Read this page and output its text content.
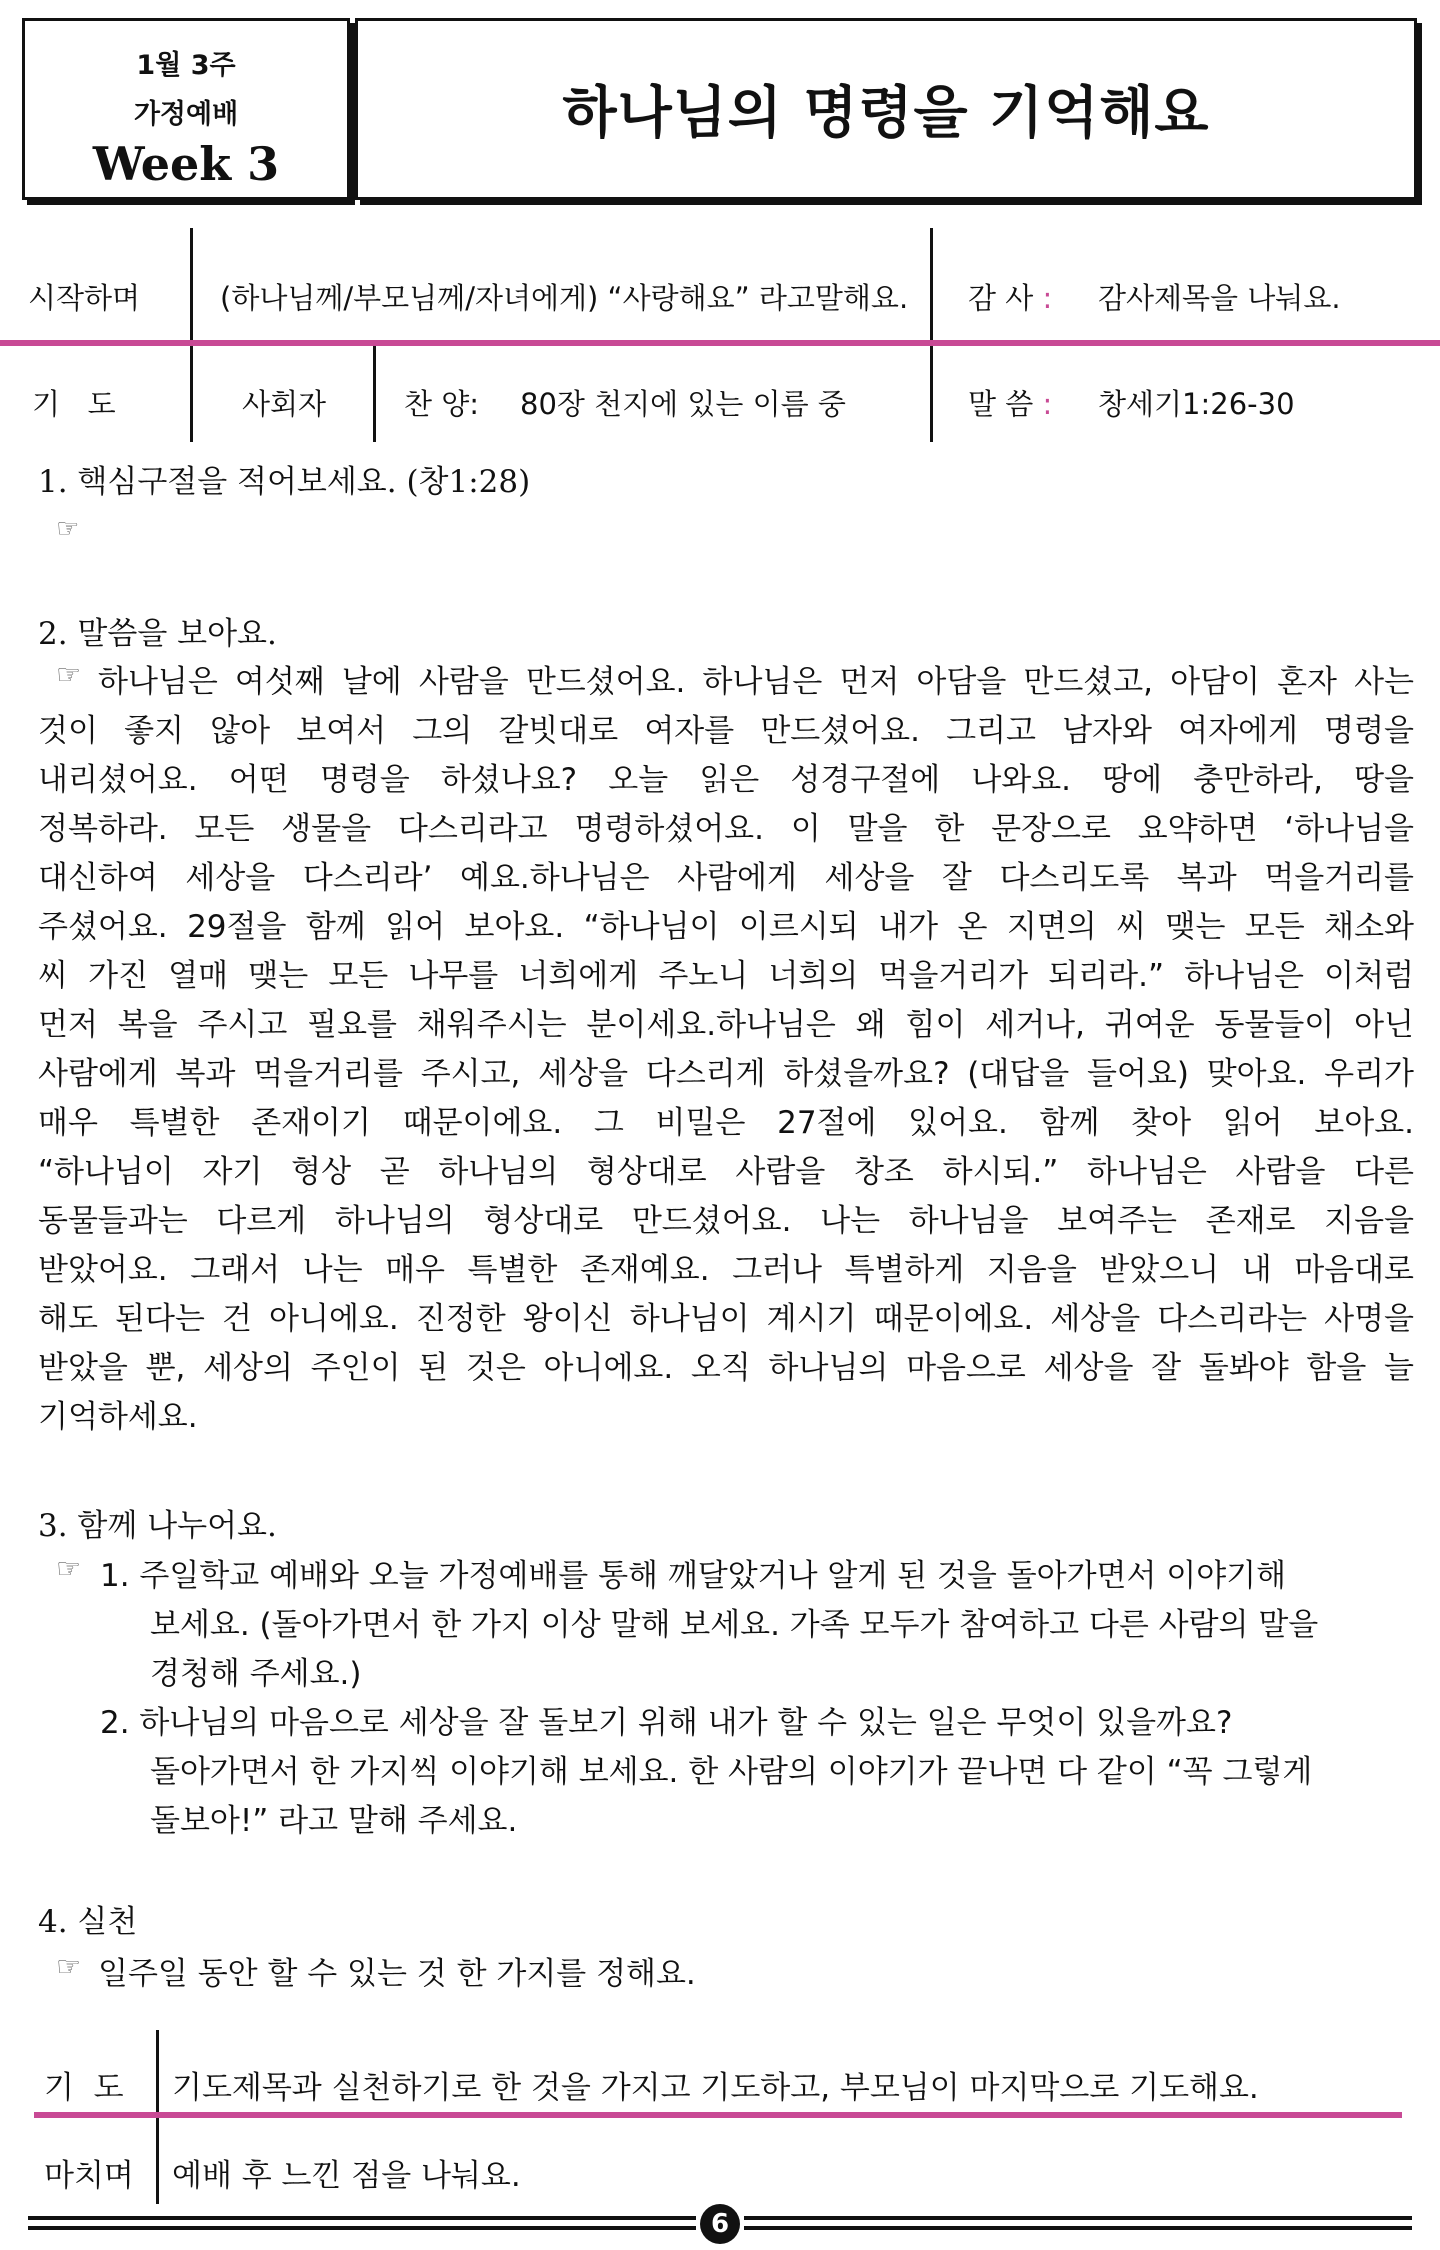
1월 3주
가정예배
Week 3
하나님의 명령을 기억해요
시작하며	(하나님께/부모님께/자녀에게) “사랑해요” 라고말해요. 감 사 : 감사제목을 나눠요.
기   도	사회자	찬 양: 80장 천지에 있는 이름 중	말 씀 : 창세기1:26-30
1. 핵심구절을 적어보세요. (창1:28)
☞
2. 말씀을 보아요.
☞ 하나님은 여섯째 날에 사람을 만드셨어요. 하나님은 먼저 아담을 만드셨고, 아담이 혼자 사는
것이 좋지 않아 보여서 그의 갈빗대로 여자를 만드셨어요. 그리고 남자와 여자에게 명령을
내리셨어요. 어떤 명령을 하셨나요? 오늘 읽은 성경구절에 나와요. 땅에 충만하라, 땅을
정복하라. 모든 생물을 다스리라고 명령하셨어요. 이 말을 한 문장으로 요약하면 ‘하나님을
대신하여 세상을 다스리라’ 예요.하나님은 사람에게 세상을 잘 다스리도록 복과 먹을거리를
주셨어요. 29절을 함께 읽어 보아요. “하나님이 이르시되 내가 온 지면의 씨 맺는 모든 채소와
씨 가진 열매 맺는 모든 나무를 너희에게 주노니 너희의 먹을거리가 되리라.” 하나님은 이처럼
먼저 복을 주시고 필요를 채워주시는 분이세요.하나님은 왜 힘이 세거나, 귀여운 동물들이 아닌
사람에게 복과 먹을거리를 주시고, 세상을 다스리게 하셨을까요? (대답을 들어요) 맞아요. 우리가
매우 특별한 존재이기 때문이에요. 그 비밀은 27절에 있어요. 함께 찾아 읽어 보아요.
“하나님이 자기 형상 곧 하나님의 형상대로 사람을 창조 하시되.” 하나님은 사람을 다른
동물들과는 다르게 하나님의 형상대로 만드셨어요. 나는 하나님을 보여주는 존재로 지음을
받았어요. 그래서 나는 매우 특별한 존재예요. 그러나 특별하게 지음을 받았으니 내 마음대로
해도 된다는 건 아니에요. 진정한 왕이신 하나님이 계시기 때문이에요. 세상을 다스리라는 사명을
받았을 뿐, 세상의 주인이 된 것은 아니에요. 오직 하나님의 마음으로 세상을 잘 돌봐야 함을 늘
기억하세요.
3. 함께 나누어요.
☞ 1. 주일학교 예배와 오늘 가정예배를 통해 깨달았거나 알게 된 것을 돌아가면서 이야기해
보세요. (돌아가면서 한 가지 이상 말해 보세요. 가족 모두가 참여하고 다른 사람의 말을
경청해 주세요.)
2. 하나님의 마음으로 세상을 잘 돌보기 위해 내가 할 수 있는 일은 무엇이 있을까요?
돌아가면서 한 가지씩 이야기해 보세요. 한 사람의 이야기가 끝나면 다 같이 “꼭 그렇게
돌보아!” 라고 말해 주세요.
4. 실천
☞ 일주일 동안 할 수 있는 것 한 가지를 정해요.
기  도 기도제목과 실천하기로 한 것을 가지고 기도하고, 부모님이 마지막으로 기도해요.
마치며 예배 후 느낀 점을 나눠요.
6
